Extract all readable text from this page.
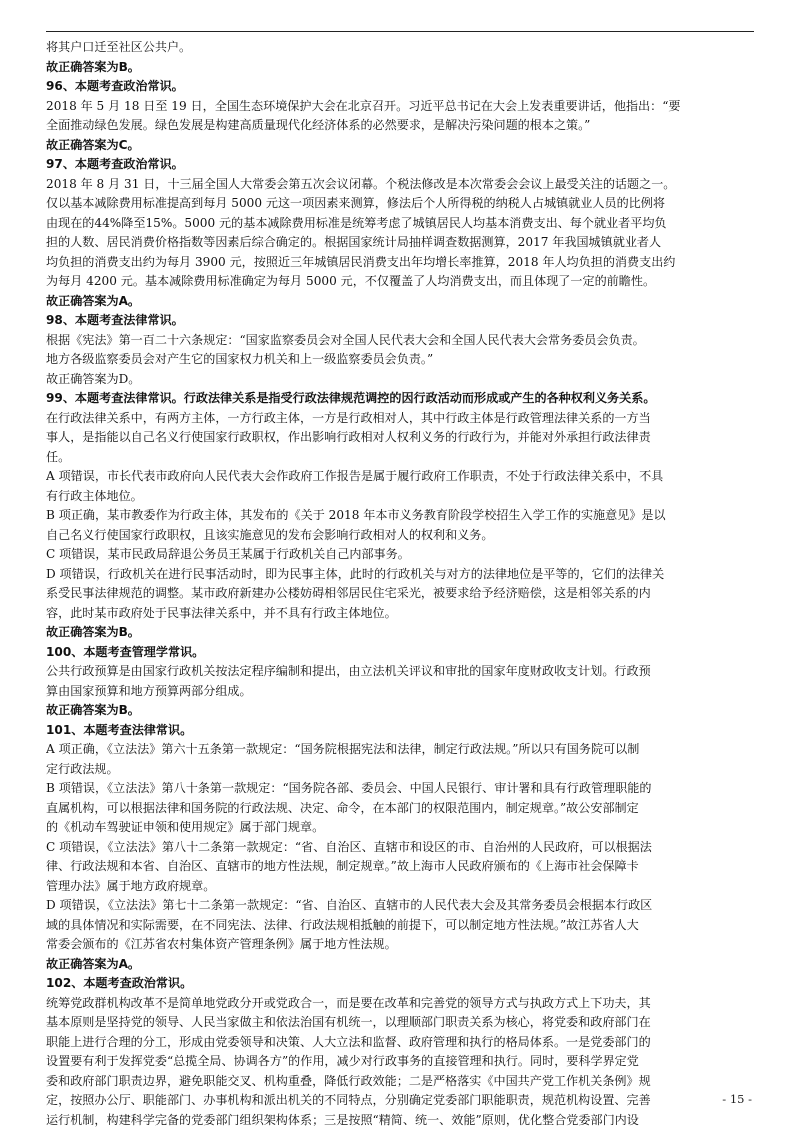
将其户口迁至社区公共户。
故正确答案为B。
96、本题考查政治常识。
2018 年 5 月 18 日至 19 日，全国生态环境保护大会在北京召开。习近平总书记在大会上发表重要讲话，他指出：“要
全面推动绿色发展。绿色发展是构建高质量现代化经济体系的必然要求，是解决污染问题的根本之策。”
故正确答案为C。
97、本题考查政治常识。
2018 年 8 月 31 日，十三届全国人大常委会第五次会议闭幕。个税法修改是本次常委会会议上最受关注的话题之一。
仅以基本减除费用标准提高到每月 5000 元这一项因素来测算，修法后个人所得税的纳税人占城镇就业人员的比例将
由现在的44%降至15%。5000 元的基本减除费用标准是统筹考虑了城镇居民人均基本消费支出、每个就业者平均负
担的人数、居民消费价格指数等因素后综合确定的。根据国家统计局抽样调查数据测算，2017 年我国城镇就业者人
均负担的消费支出约为每月 3900 元，按照近三年城镇居民消费支出年均增长率推算，2018 年人均负担的消费支出约
为每月 4200 元。基本减除费用标准确定为每月 5000 元，不仅覆盖了人均消费支出，而且体现了一定的前瞻性。
故正确答案为A。
98、本题考查法律常识。
根据《宪法》第一百二十六条规定：“国家监察委员会对全国人民代表大会和全国人民代表大会常务委员会负责。
地方各级监察委员会对产生它的国家权力机关和上一级监察委员会负责。”
故正确答案为D。
99、本题考查法律常识。行政法律关系是指受行政法律规范调控的因行政活动而形成或产生的各种权利义务关系。
在行政法律关系中，有两方主体，一方行政主体，一方是行政相对人，其中行政主体是行政管理法律关系的一方当
事人，是指能以自己名义行使国家行政职权，作出影响行政相对人权利义务的行政行为，并能对外承担行政法律责
任。
A 项错误，市长代表市政府向人民代表大会作政府工作报告是属于履行政府工作职责，不处于行政法律关系中，不具
有行政主体地位。
B 项正确，某市教委作为行政主体，其发布的《关于 2018 年本市义务教育阶段学校招生入学工作的实施意见》是以
自己名义行使国家行政职权，且该实施意见的发布会影响行政相对人的权利和义务。
C 项错误，某市民政局辞退公务员王某属于行政机关自己内部事务。
D 项错误，行政机关在进行民事活动时，即为民事主体，此时的行政机关与对方的法律地位是平等的，它们的法律关
系受民事法律规范的调整。某市政府新建办公楼妨碍相邻居民住宅采光，被要求给予经济赔偿，这是相邻关系的内
容，此时某市政府处于民事法律关系中，并不具有行政主体地位。
故正确答案为B。
100、本题考查管理学常识。
公共行政预算是由国家行政机关按法定程序编制和提出，由立法机关评议和审批的国家年度财政收支计划。行政预
算由国家预算和地方预算两部分组成。
故正确答案为B。
101、本题考查法律常识。
A 项正确，《立法法》第六十五条第一款规定：“国务院根据宪法和法律，制定行政法规。”所以只有国务院可以制
定行政法规。
B 项错误，《立法法》第八十条第一款规定：“国务院各部、委员会、中国人民银行、审计署和具有行政管理职能的
直属机构，可以根据法律和国务院的行政法规、决定、命令，在本部门的权限范围内，制定规章。”故公安部制定
的《机动车驾驶证申领和使用规定》属于部门规章。
C 项错误，《立法法》第八十二条第一款规定：“省、自治区、直辖市和设区的市、自治州的人民政府，可以根据法
律、行政法规和本省、自治区、直辖市的地方性法规，制定规章。”故上海市人民政府颁布的《上海市社会保障卡
管理办法》属于地方政府规章。
D 项错误，《立法法》第七十二条第一款规定：“省、自治区、直辖市的人民代表大会及其常务委员会根据本行政区
域的具体情况和实际需要，在不同宪法、法律、行政法规相抵触的前提下，可以制定地方性法规。”故江苏省人大
常委会颁布的《江苏省农村集体资产管理条例》属于地方性法规。
故正确答案为A。
102、本题考查政治常识。
统筹党政群机构改革不是简单地党政分开或党政合一，而是要在改革和完善党的领导方式与执政方式上下功夫，其
基本原则是坚持党的领导、人民当家做主和依法治国有机统一，以理顺部门职责关系为核心，将党委和政府部门在
职能上进行合理的分工，形成由党委领导和决策、人大立法和监督、政府管理和执行的格局体系。一是党委部门的
设置要有利于发挥党委“总揽全局、协调各方”的作用，减少对行政事务的直接管理和执行。同时，要科学界定党
委和政府部门职责边界，避免职能交叉、机构重叠，降低行政效能；二是严格落实《中国共产党工作机关条例》规
定，按照办公厅、职能部门、办事机构和派出机关的不同特点，分别确定党委部门职能职责，规范机构设置、完善
运行机制，构建科学完备的党委部门组织架构体系；三是按照“精简、统一、效能”原则，优化整合党委部门内设
- 15 -
